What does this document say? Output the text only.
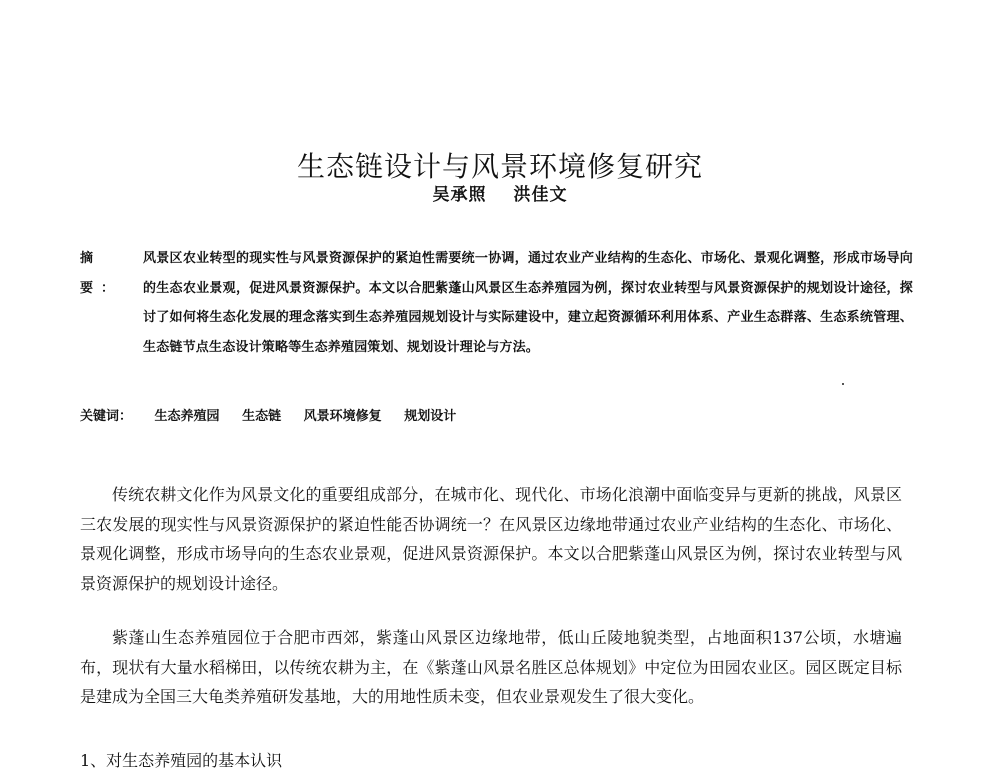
生态链设计与风景环境修复研究
吴承照 洪佳文
摘 要：
风景区农业转型的现实性与风景资源保护的紧迫性需要统一协调，通过农业产业结构的生态化、市场化、景观化调整，形成市场导向的生态农业景观，促进风景资源保护。本文以合肥紫蓬山风景区生态养殖园为例，探讨农业转型与风景资源保护的规划设计途径，探讨了如何将生态化发展的理念落实到生态养殖园规划设计与实际建设中，建立起资源循环利用体系、产业生态群落、生态系统管理、生态链节点生态设计策略等生态养殖园策划、规划设计理论与方法。
关键词： 生态养殖园 生态链 风景环境修复 规划设计

传统农耕文化作为风景文化的重要组成部分，在城市化、现代化、市场化浪潮中面临变异与更新的挑战，风景区三农发展的现实性与风景资源保护的紧迫性能否协调统一？在风景区边缘地带通过农业产业结构的生态化、市场化、景观化调整，形成市场导向的生态农业景观，促进风景资源保护。本文以合肥紫蓬山风景区为例，探讨农业转型与风景资源保护的规划设计途径。

紫蓬山生态养殖园位于合肥市西郊，紫蓬山风景区边缘地带，低山丘陵地貌类型，占地面积137公顷，水塘遍布，现状有大量水稻梯田，以传统农耕为主，在《紫蓬山风景名胜区总体规划》中定位为田园农业区。园区既定目标是建成为全国三大龟类养殖研发基地，大的用地性质未变，但农业景观发生了很大变化。

1、对生态养殖园的基本认识
